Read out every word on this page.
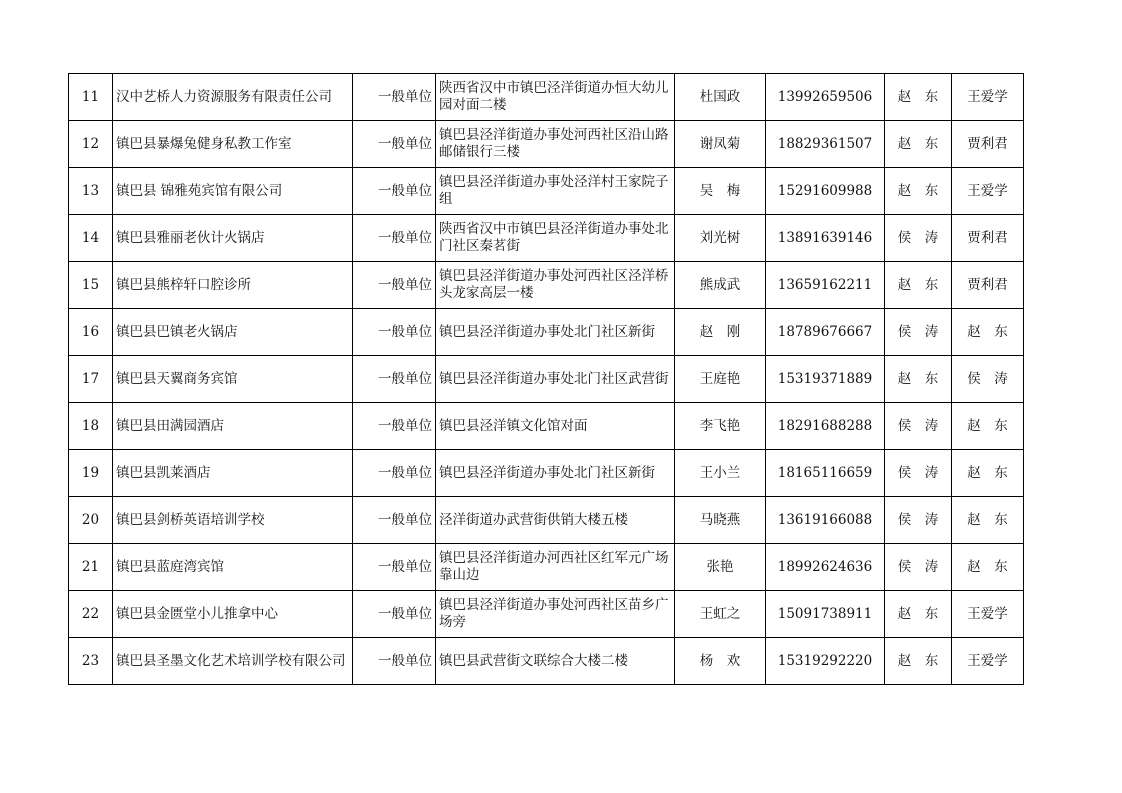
11	汉中艺桥人力资源服务有限责任公司	一般单位	陕西省汉中市镇巴泾洋街道办恒大幼儿园对面二楼	杜国政	13992659506	赵　东	王爱学
12	镇巴县暴爆兔健身私教工作室	一般单位	镇巴县泾洋街道办事处河西社区沿山路邮储银行三楼	谢凤菊	18829361507	赵　东	贾利君
13	镇巴县 锦雅苑宾馆有限公司	一般单位	镇巴县泾洋街道办事处泾洋村王家院子组	吴　梅	15291609988	赵　东	王爱学
14	镇巴县雅丽老伙计火锅店	一般单位	陕西省汉中市镇巴县泾洋街道办事处北门社区秦茗街	刘光树	13891639146	侯　涛	贾利君
15	镇巴县熊梓轩口腔诊所	一般单位	镇巴县泾洋街道办事处河西社区泾洋桥头龙家高层一楼	熊成武	13659162211	赵　东	贾利君
16	镇巴县巴镇老火锅店	一般单位	镇巴县泾洋街道办事处北门社区新街	赵　刚	18789676667	侯　涛	赵　东
17	镇巴县天翼商务宾馆	一般单位	镇巴县泾洋街道办事处北门社区武营街	王庭艳	15319371889	赵　东	侯　涛
18	镇巴县田满园酒店	一般单位	镇巴县泾洋镇文化馆对面	李飞艳	18291688288	侯　涛	赵　东
19	镇巴县凯莱酒店	一般单位	镇巴县泾洋街道办事处北门社区新街	王小兰	18165116659	侯　涛	赵　东
20	镇巴县剑桥英语培训学校	一般单位	泾洋街道办武营街供销大楼五楼	马晓燕	13619166088	侯　涛	赵　东
21	镇巴县蓝庭湾宾馆	一般单位	镇巴县泾洋街道办河西社区红军元广场靠山边	张艳	18992624636	侯　涛	赵　东
22	镇巴县金匮堂小儿推拿中心	一般单位	镇巴县泾洋街道办事处河西社区苗乡广场旁	王虹之	15091738911	赵　东	王爱学
23	镇巴县圣墨文化艺术培训学校有限公司	一般单位	镇巴县武营街文联综合大楼二楼	杨　欢	15319292220	赵　东	王爱学
